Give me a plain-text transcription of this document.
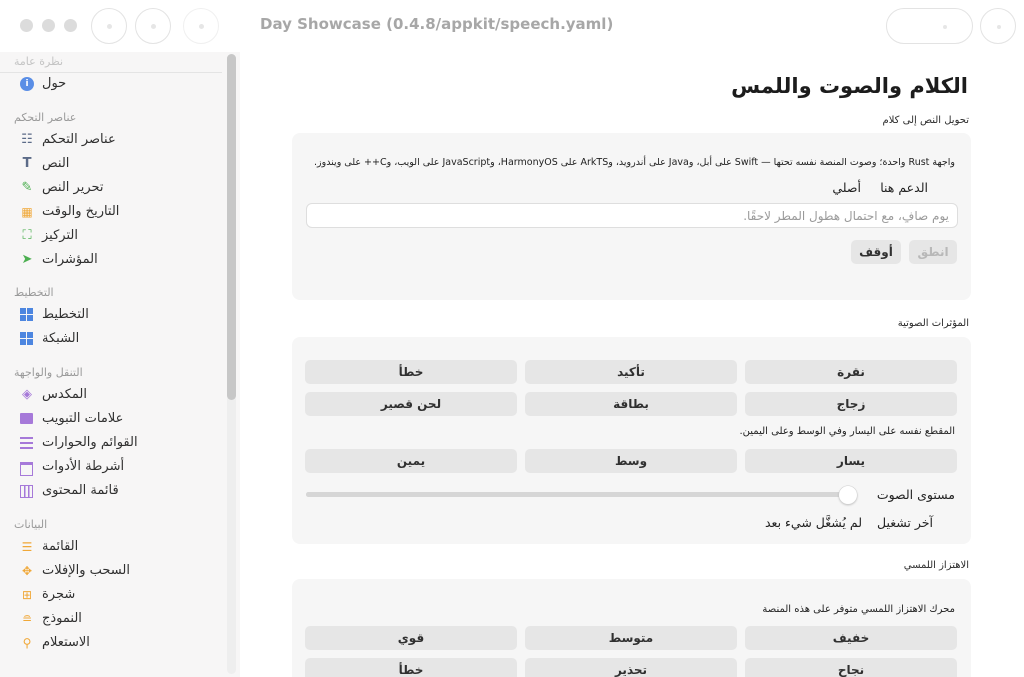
Day Showcase (0.4.8/appkit/speech.yaml)
نظرة عامة
i	حول
عناصر التحكم
☷ عناصر التحكم
T النص
✎ تحرير النص
▦ التاريخ والوقت
⛶ التركيز
➤ المؤشرات
التخطيط
التخطيط
الشبكة
التنقل والواجهة
◈ المكدس
علامات التبويب
القوائم والحوارات
أشرطة الأدوات
قائمة المحتوى
البيانات
☰ القائمة
✥ السحب والإفلات
⊞ شجرة
≘ النموذج
⚲ الاستعلام
الكلام والصوت واللمس
تحويل النص إلى كلام
واجهة Rust واحدة؛ وصوت المنصة نفسه تحتها — Swift على أبل، وJava على أندرويد، وArkTS على HarmonyOS، وJavaScript على الويب، وC++ على ويندوز.
الدعم هنا
أصلي
يوم صافٍ، مع احتمال هطول المطر لاحقًا.
انطق
أوقف
المؤثرات الصوتية
نقرة
تأكيد
خطأ
زجاج
بطاقة
لحن قصير
المقطع نفسه على اليسار وفي الوسط وعلى اليمين.
يسار
وسط
يمين
مستوى الصوت
آخر تشغيل
لم يُشغَّل شيء بعد
الاهتزاز اللمسي
محرك الاهتزاز اللمسي متوفر على هذه المنصة
خفيف
متوسط
قوي
نجاح
تحذير
خطأ
